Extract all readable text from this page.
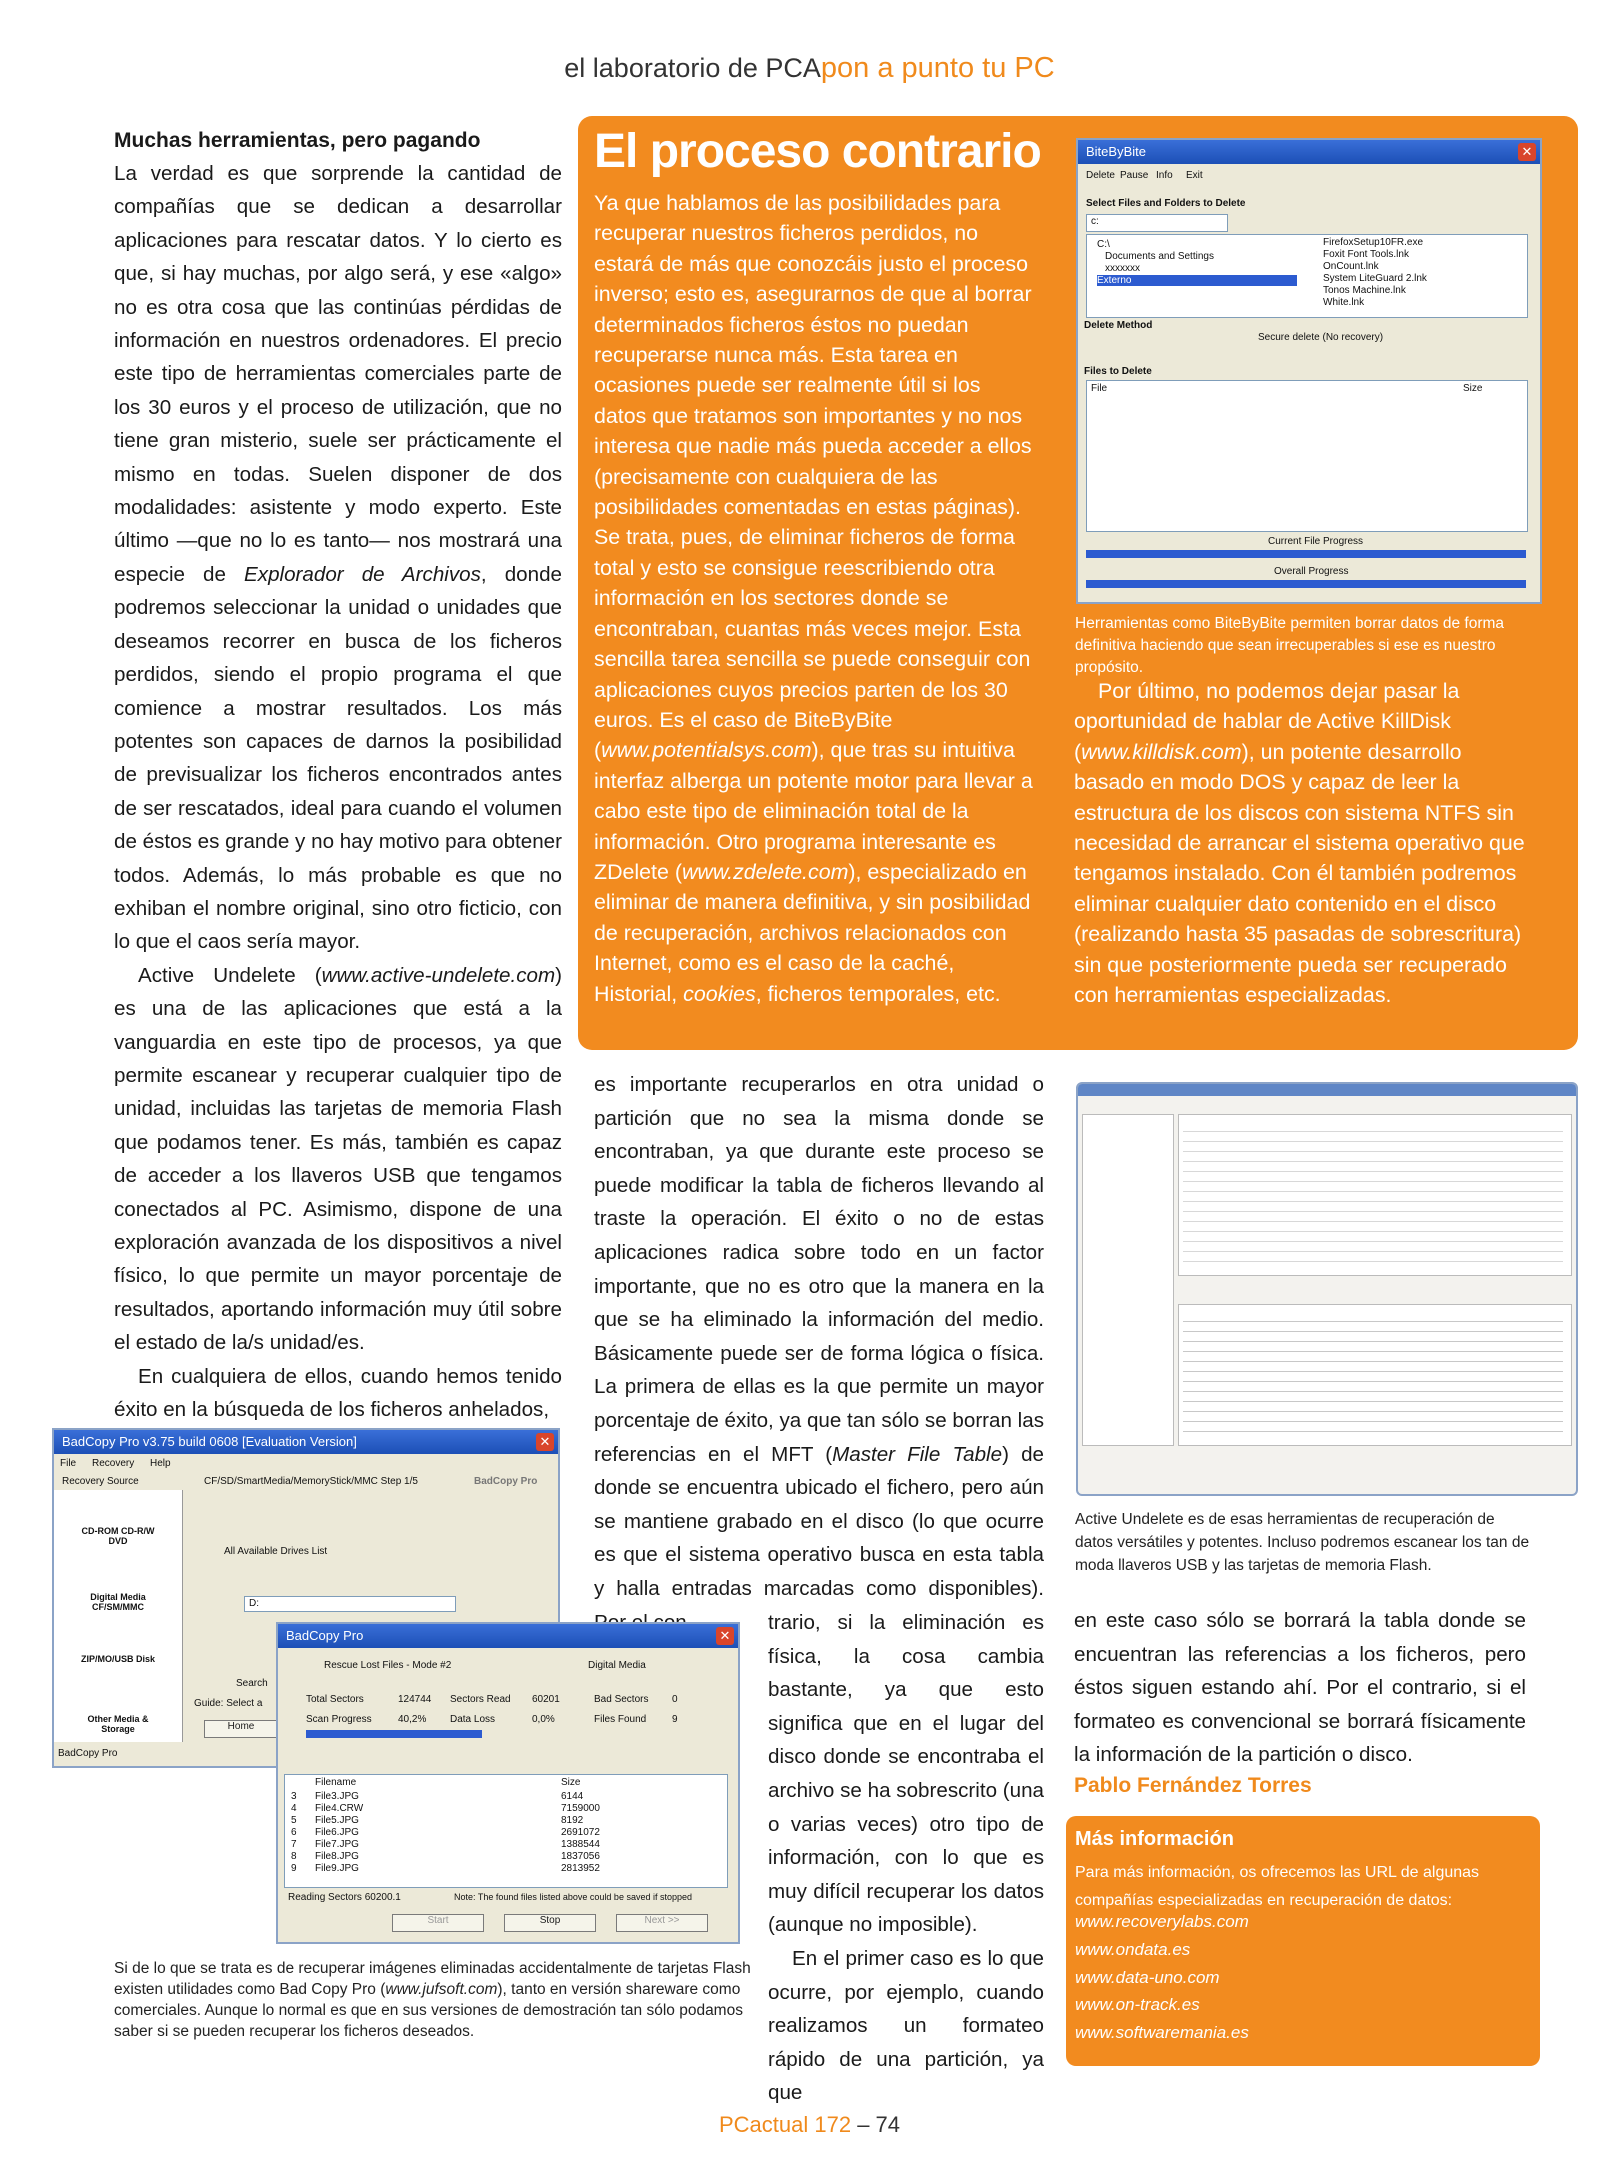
el laboratorio de PCApon a punto tu PC
Muchas herramientas, pero pagando

La verdad es que sorprende la cantidad de compañías que se dedican a desarrollar aplicaciones para rescatar datos. Y lo cierto es que, si hay muchas, por algo será, y ese «algo» no es otra cosa que las continúas pérdidas de información en nuestros ordenadores. El precio este tipo de herramientas comerciales parte de los 30 euros y el proceso de utilización, que no tiene gran misterio, suele ser prácticamente el mismo en todas. Suelen disponer de dos modalidades: asistente y modo experto. Este último —que no lo es tanto— nos mostrará una especie de Explorador de Archivos, donde podremos seleccionar la unidad o unidades que deseamos recorrer en busca de los ficheros perdidos, siendo el propio programa el que comience a mostrar resultados. Los más potentes son capaces de darnos la posibilidad de previsualizar los ficheros encontrados antes de ser rescatados, ideal para cuando el volumen de éstos es grande y no hay motivo para obtener todos. Además, lo más probable es que no exhiban el nombre original, sino otro ficticio, con lo que el caos sería mayor.

Active Undelete (www.active-undelete.com) es una de las aplicaciones que está a la vanguardia en este tipo de procesos, ya que permite escanear y recuperar cualquier tipo de unidad, incluidas las tarjetas de memoria Flash que podamos tener. Es más, también es capaz de acceder a los llaveros USB que tengamos conectados al PC. Asimismo, dispone de una exploración avanzada de los dispositivos a nivel físico, lo que permite un mayor porcentaje de resultados, aportando información muy útil sobre el estado de la/s unidad/es.

En cualquiera de ellos, cuando hemos tenido éxito en la búsqueda de los ficheros anhelados,

El proceso contrario

Ya que hablamos de las posibilidades para recuperar nuestros ficheros perdidos, no estará de más que conozcáis justo el proceso inverso; esto es, asegurarnos de que al borrar determinados ficheros éstos no puedan recuperarse nunca más. Esta tarea en ocasiones puede ser realmente útil si los datos que tratamos son importantes y no nos interesa que nadie más pueda acceder a ellos (precisamente con cualquiera de las posibilidades comentadas en estas páginas). Se trata, pues, de eliminar ficheros de forma total y esto se consigue reescribiendo otra información en los sectores donde se encontraban, cuantas más veces mejor. Esta sencilla tarea sencilla se puede conseguir con aplicaciones cuyos precios parten de los 30 euros. Es el caso de BiteByBite (www.potentialsys.com), que tras su intuitiva interfaz alberga un potente motor para llevar a cabo este tipo de eliminación total de la información. Otro programa interesante es ZDelete (www.zdelete.com), especializado en eliminar de manera definitiva, y sin posibilidad de recuperación, archivos relacionados con Internet, como es el caso de la caché, Historial, cookies, ficheros temporales, etc.

BiteByBite	✕
Delete Pause Info Exit
Select Files and Folders to Delete
c:
C:\
Documents and Settings
xxxxxxx
Externo
FirefoxSetup10FR.exe
Foxit Font Tools.lnk
OnCount.lnk
System LiteGuard 2.lnk
Tonos Machine.lnk
White.lnk
Delete Method
Secure delete (No recovery)
Files to Delete
File	Size
Current File Progress
Overall Progress
Herramientas como BiteByBite permiten borrar datos de forma definitiva haciendo que sean irrecuperables si ese es nuestro propósito.

Por último, no podemos dejar pasar la oportunidad de hablar de Active KillDisk (www.killdisk.com), un potente desarrollo basado en modo DOS y capaz de leer la estructura de los discos con sistema NTFS sin necesidad de arrancar el sistema operativo que tengamos instalado. Con él también podremos eliminar cualquier dato contenido en el disco (realizando hasta 35 pasadas de sobrescritura) sin que posteriormente pueda ser recuperado con herramientas especializadas.

es importante recuperarlos en otra unidad o partición que no sea la misma donde se encontraban, ya que durante este proceso se puede modificar la tabla de ficheros llevando al traste la operación. El éxito o no de estas aplicaciones radica sobre todo en un factor importante, que no es otro que la manera en la que se ha eliminado la información del medio. Básicamente puede ser de forma lógica o física. La primera de ellas es la que permite un mayor porcentaje de éxito, ya que tan sólo se borran las referencias en el MFT (Master File Table) de donde se encuentra ubicado el fichero, pero aún se mantiene grabado en el disco (lo que ocurre es que el sistema operativo busca en esta tabla y halla entradas marcadas como disponibles).

trario, si la eliminación es física, la cosa cambia bastante, ya que esto significa que en el lugar del disco donde se encontraba el archivo se ha sobrescrito (una o varias veces) otro tipo de información, con lo que es muy difícil recuperar los datos (aunque no imposible).

En el primer caso es lo que ocurre, por ejemplo, cuando realizamos un formateo rápido de una partición, ya que

Active Undelete es de esas herramientas de recuperación de datos versátiles y potentes. Incluso podremos escanear los tan de moda llaveros USB y las tarjetas de memoria Flash.

en este caso sólo se borrará la tabla donde se encuentran las referencias a los ficheros, pero éstos siguen estando ahí. Por el contrario, si el formateo es convencional se borrará físicamente la información de la partición o disco.

Pablo Fernández Torres
Más información
Para más información, os ofrecemos las URL de algunas compañías especializadas en recuperación de datos:
www.recoverylabs.com
www.ondata.es
www.data-uno.com
www.on-track.es
www.softwaremania.es
BadCopy Pro v3.75 build 0608 [Evaluation Version]	✕
File Recovery Help
Recovery Source	CF/SD/SmartMedia/MemoryStick/MMC Step 1/5	BadCopy Pro
CD-ROM CD-R/W DVD
Digital Media CF/SM/MMC
ZIP/MO/USB Disk
Other Media & Storage
All Available Drives List
D:
Search
Guide: Select a
Home
BadCopy Pro
BadCopy Pro	✕
Rescue Lost Files - Mode #2	Digital Media
Total Sectors	124744 Sectors Read 60201	Bad Sectors 0
Scan Progress	40,2% Data Loss	0,0%	Files Found	9
Filename	Size
3 File3.JPG	6144
4 File4.CRW	7159000
5 File5.JPG	8192
6 File6.JPG	2691072
7 File7.JPG	1388544
8 File8.JPG	1837056
9 File9.JPG	2813952
Reading Sectors 60200.1	Note: The found files listed above could be saved if stopped
Start	Stop	Next >>
Si de lo que se trata es de recuperar imágenes eliminadas accidentalmente de tarjetas Flash existen utilidades como Bad Copy Pro (www.jufsoft.com), tanto en versión shareware como comerciales. Aunque lo normal es que en sus versiones de demostración tan sólo podamos saber si se pueden recuperar los ficheros deseados.
PCactual 172 – 74
